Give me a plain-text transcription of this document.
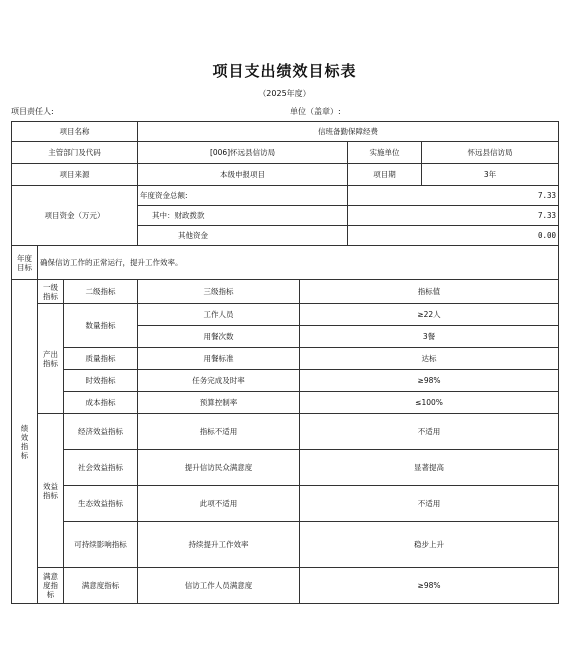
项目支出绩效目标表
（2025年度）
项目责任人:	单位（盖章）:
项目名称			信班备勤保障经费			
主管部门及代码			[006]怀远县信访局		实施单位	怀远县信访局
项目来源			本级申报项目		项目期	3年
项目资金（万元）			年度资金总额:		7.33	
			其中：财政拨款		7.33	
			其他资金		0.00	
年度目标	确保信访工作的正常运行，提升工作效率。					
绩效指标	一级指标	二级指标	三级指标	指标值		
	产出指标	数量指标	工作人员	≥22人		
			用餐次数	3餐		
		质量指标	用餐标准	达标		
		时效指标	任务完成及时率	≥98%		
		成本指标	预算控制率	≤100%		
	效益指标	经济效益指标	指标不适用	不适用		
		社会效益指标	提升信访民众满意度	显著提高		
		生态效益指标	此项不适用	不适用		
		可持续影响指标	持续提升工作效率	稳步上升		
	满意度指标	满意度指标	信访工作人员满意度	≥98%		
